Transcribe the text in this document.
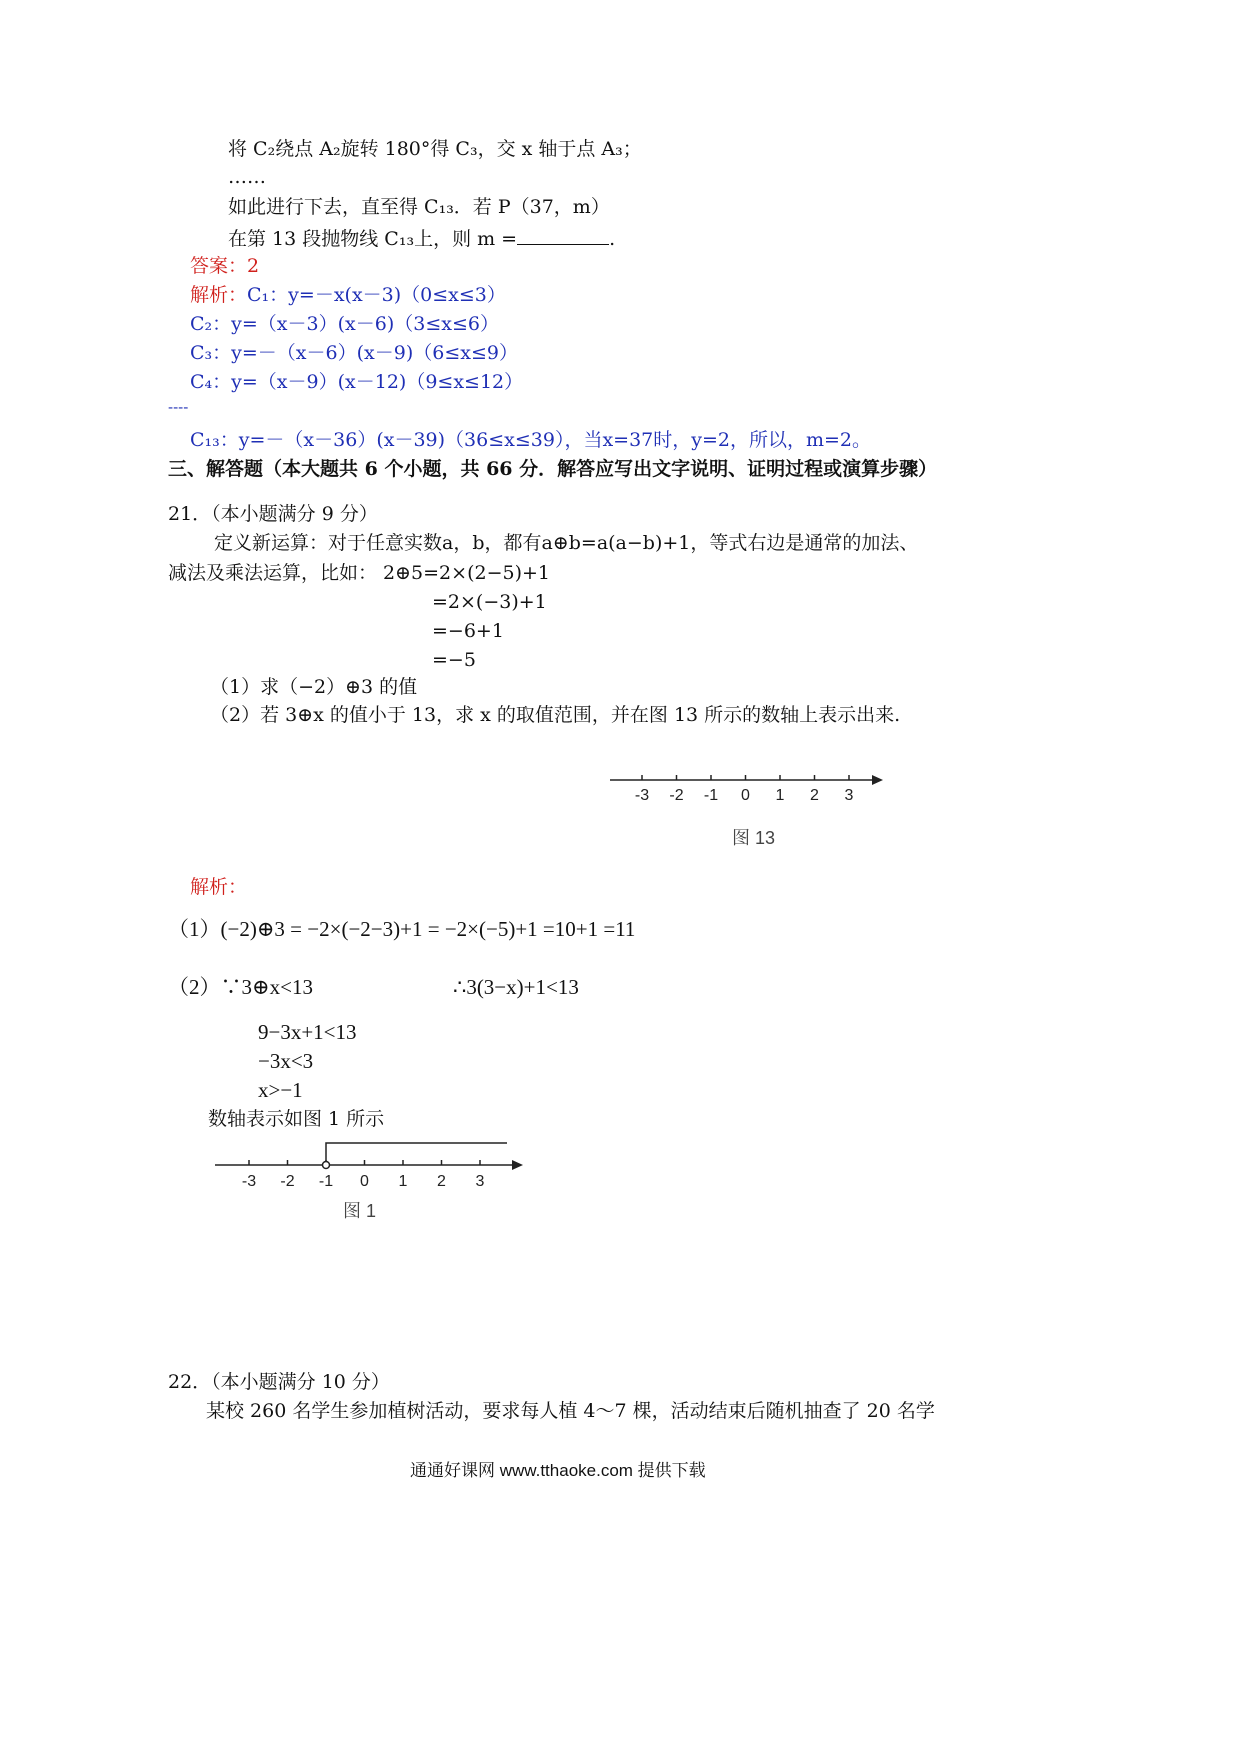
将 C₂绕点 A₂旋转 180°得 C₃，交 x 轴于点 A₃；
……
如此进行下去，直至得 C₁₃．若 P（37，m）
在第 13 段抛物线 C₁₃上，则 m =	.
答案：2
解析：C₁：y=－x(x－3)（0≤x≤3）
C₂：y=（x－3）(x－6)（3≤x≤6）
C₃：y=－（x－6）(x－9)（6≤x≤9）
C₄：y=（x－9）(x－12)（9≤x≤12）
----
C₁₃：y=－（x－36）(x－39)（36≤x≤39），当x=37时，y=2，所以，m=2。
三、解答题（本大题共 6 个小题，共 66 分．解答应写出文字说明、证明过程或演算步骤）
21．（本小题满分 9 分）
定义新运算：对于任意实数a，b，都有a⊕b=a(a−b)+1，等式右边是通常的加法、
减法及乘法运算，比如： 2⊕5=2×(2−5)+1
=2×(−3)+1
=−6+1
=−5
（1）求（−2）⊕3 的值
（2）若 3⊕x 的值小于 13，求 x 的取值范围，并在图 13 所示的数轴上表示出来.
-3 -2 -1 0 1 2 3
图 13
解析：
（1）(−2)⊕3 = −2×(−2−3)+1 = −2×(−5)+1 =10+1 =11
（2）∵3⊕x<13	∴3(3−x)+1<13
9−3x+1<13
−3x<3
x>−1
数轴表示如图 1 所示
-3 -2 -1 0 1 2 3
图 1
22．（本小题满分 10 分）
某校 260 名学生参加植树活动，要求每人植 4～7 棵，活动结束后随机抽查了 20 名学
通通好课网 www.tthaoke.com 提供下载
